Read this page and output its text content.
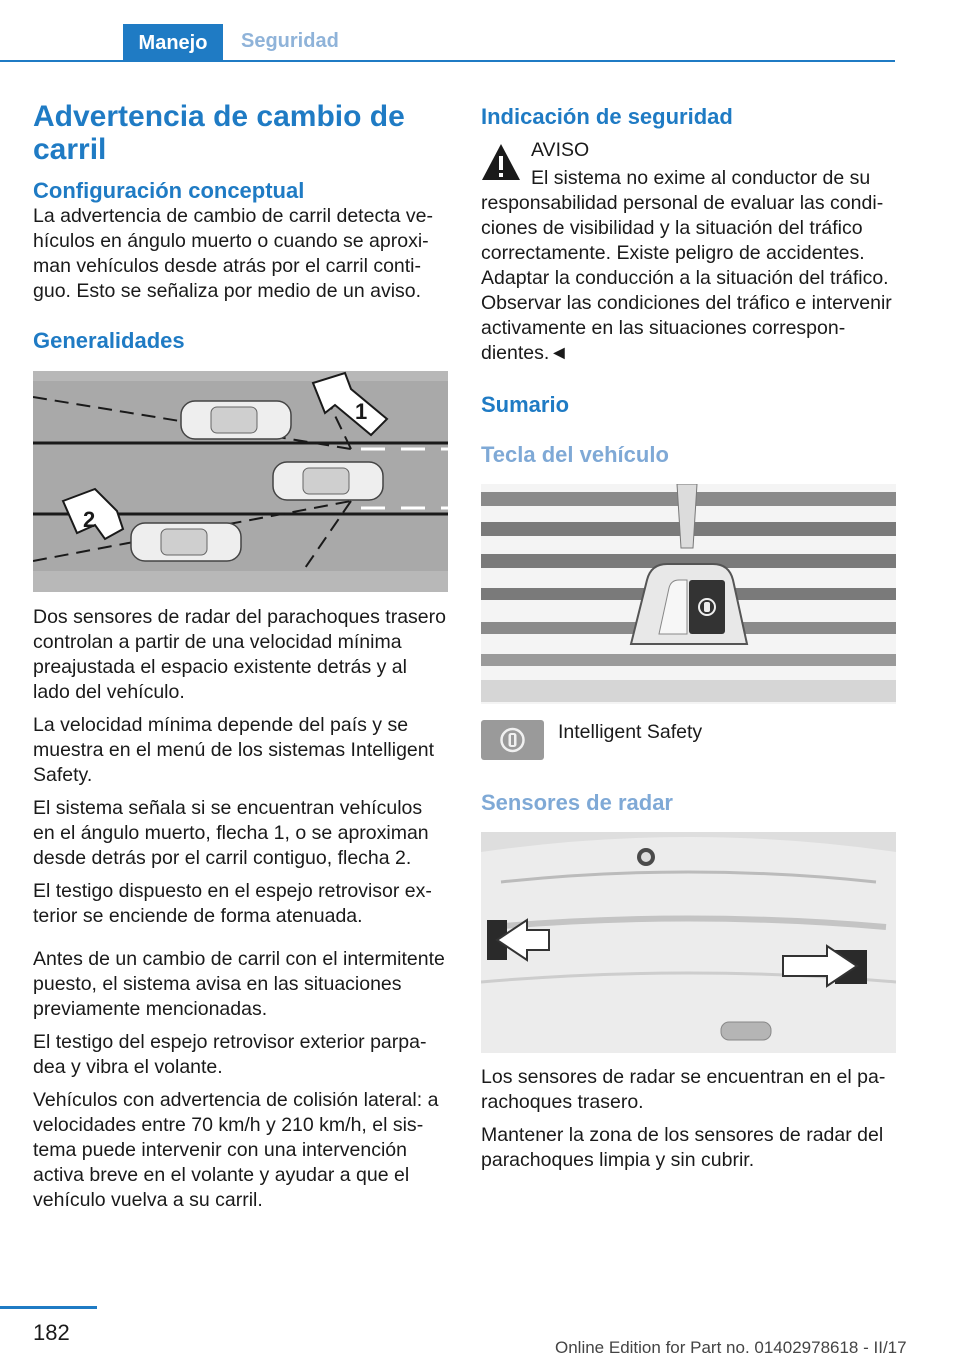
Manejo Seguridad
Advertencia de cambio de carril
Configuración conceptual

La advertencia de cambio de carril detecta vehículos en ángulo muerto o cuando se aproximan vehículos desde atrás por el carril contiguo. Esto se señaliza por medio de un aviso.

Generalidades
1
2

Dos sensores de radar del parachoques trasero controlan a partir de una velocidad mínima preajustada el espacio existente detrás y al lado del vehículo.

La velocidad mínima depende del país y se muestra en el menú de los sistemas Intelligent Safety.

El sistema señala si se encuentran vehículos en el ángulo muerto, flecha 1, o se aproximan desde detrás por el carril contiguo, flecha 2.

El testigo dispuesto en el espejo retrovisor exterior se enciende de forma atenuada.

Antes de un cambio de carril con el intermitente puesto, el sistema avisa en las situaciones previamente mencionadas.

El testigo del espejo retrovisor exterior parpadea y vibra el volante.

Vehículos con advertencia de colisión lateral: a velocidades entre 70 km/h y 210 km/h, el sistema puede intervenir con una intervención activa breve en el volante y ayudar a que el vehículo vuelva a su carril.

Indicación de seguridad
AVISO

El sistema no exime al conductor de su responsabilidad personal de evaluar las condiciones de visibilidad y la situación del tráfico correctamente. Existe peligro de accidentes. Adaptar la conducción a la situación del tráfico. Observar las condiciones del tráfico e intervenir activamente en las situaciones correspondientes.◄

Sumario
Tecla del vehículo
Intelligent Safety
Sensores de radar

Los sensores de radar se encuentran en el parachoques trasero.

Mantener la zona de los sensores de radar del parachoques limpia y sin cubrir.

182
Online Edition for Part no. 01402978618 - II/17
